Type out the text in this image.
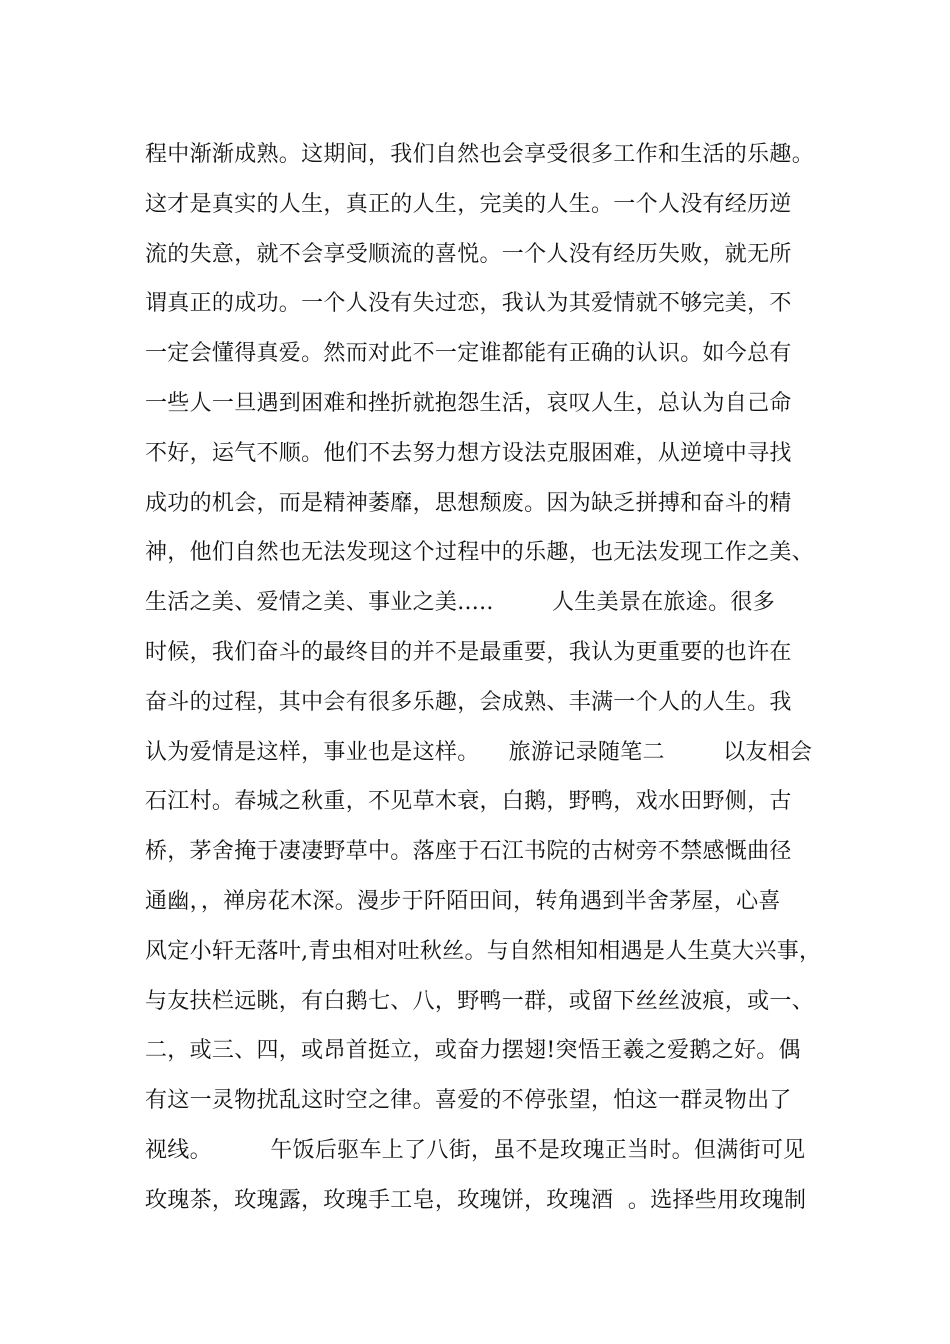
程中渐渐成熟。这期间，我们自然也会享受很多工作和生活的乐趣。
这才是真实的人生，真正的人生，完美的人生。一个人没有经历逆
流的失意，就不会享受顺流的喜悦。一个人没有经历失败，就无所
谓真正的成功。一个人没有失过恋，我认为其爱情就不够完美，不
一定会懂得真爱。然而对此不一定谁都能有正确的认识。如今总有
一些人一旦遇到困难和挫折就抱怨生活，哀叹人生，总认为自己命
不好，运气不顺。他们不去努力想方设法克服困难，从逆境中寻找
成功的机会，而是精神萎靡，思想颓废。因为缺乏拼搏和奋斗的精
神，他们自然也无法发现这个过程中的乐趣，也无法发现工作之美、
生活之美、爱情之美、事业之美.....        人生美景在旅途。很多
时候，我们奋斗的最终目的并不是最重要，我认为更重要的也许在
奋斗的过程，其中会有很多乐趣，会成熟、丰满一个人的人生。我
认为爱情是这样，事业也是这样。    旅游记录随笔二        以友相会
石江村。春城之秋重，不见草木衰，白鹅，野鸭，戏水田野侧，古
桥，茅舍掩于凄凄野草中。落座于石江书院的古树旁不禁感慨曲径
通幽，，禅房花木深。漫步于阡陌田间，转角遇到半舍茅屋，心喜
风定小轩无落叶,青虫相对吐秋丝。与自然相知相遇是人生莫大兴事，
与友扶栏远眺，有白鹅七、八，野鸭一群，或留下丝丝波痕，或一、
二，或三、四，或昂首挺立，或奋力摆翅!突悟王羲之爱鹅之好。偶
有这一灵物扰乱这时空之律。喜爱的不停张望，怕这一群灵物出了
视线。        午饭后驱车上了八街，虽不是玫瑰正当时。但满街可见
玫瑰茶，玫瑰露，玫瑰手工皂，玫瑰饼，玫瑰酒  。选择些用玫瑰制
